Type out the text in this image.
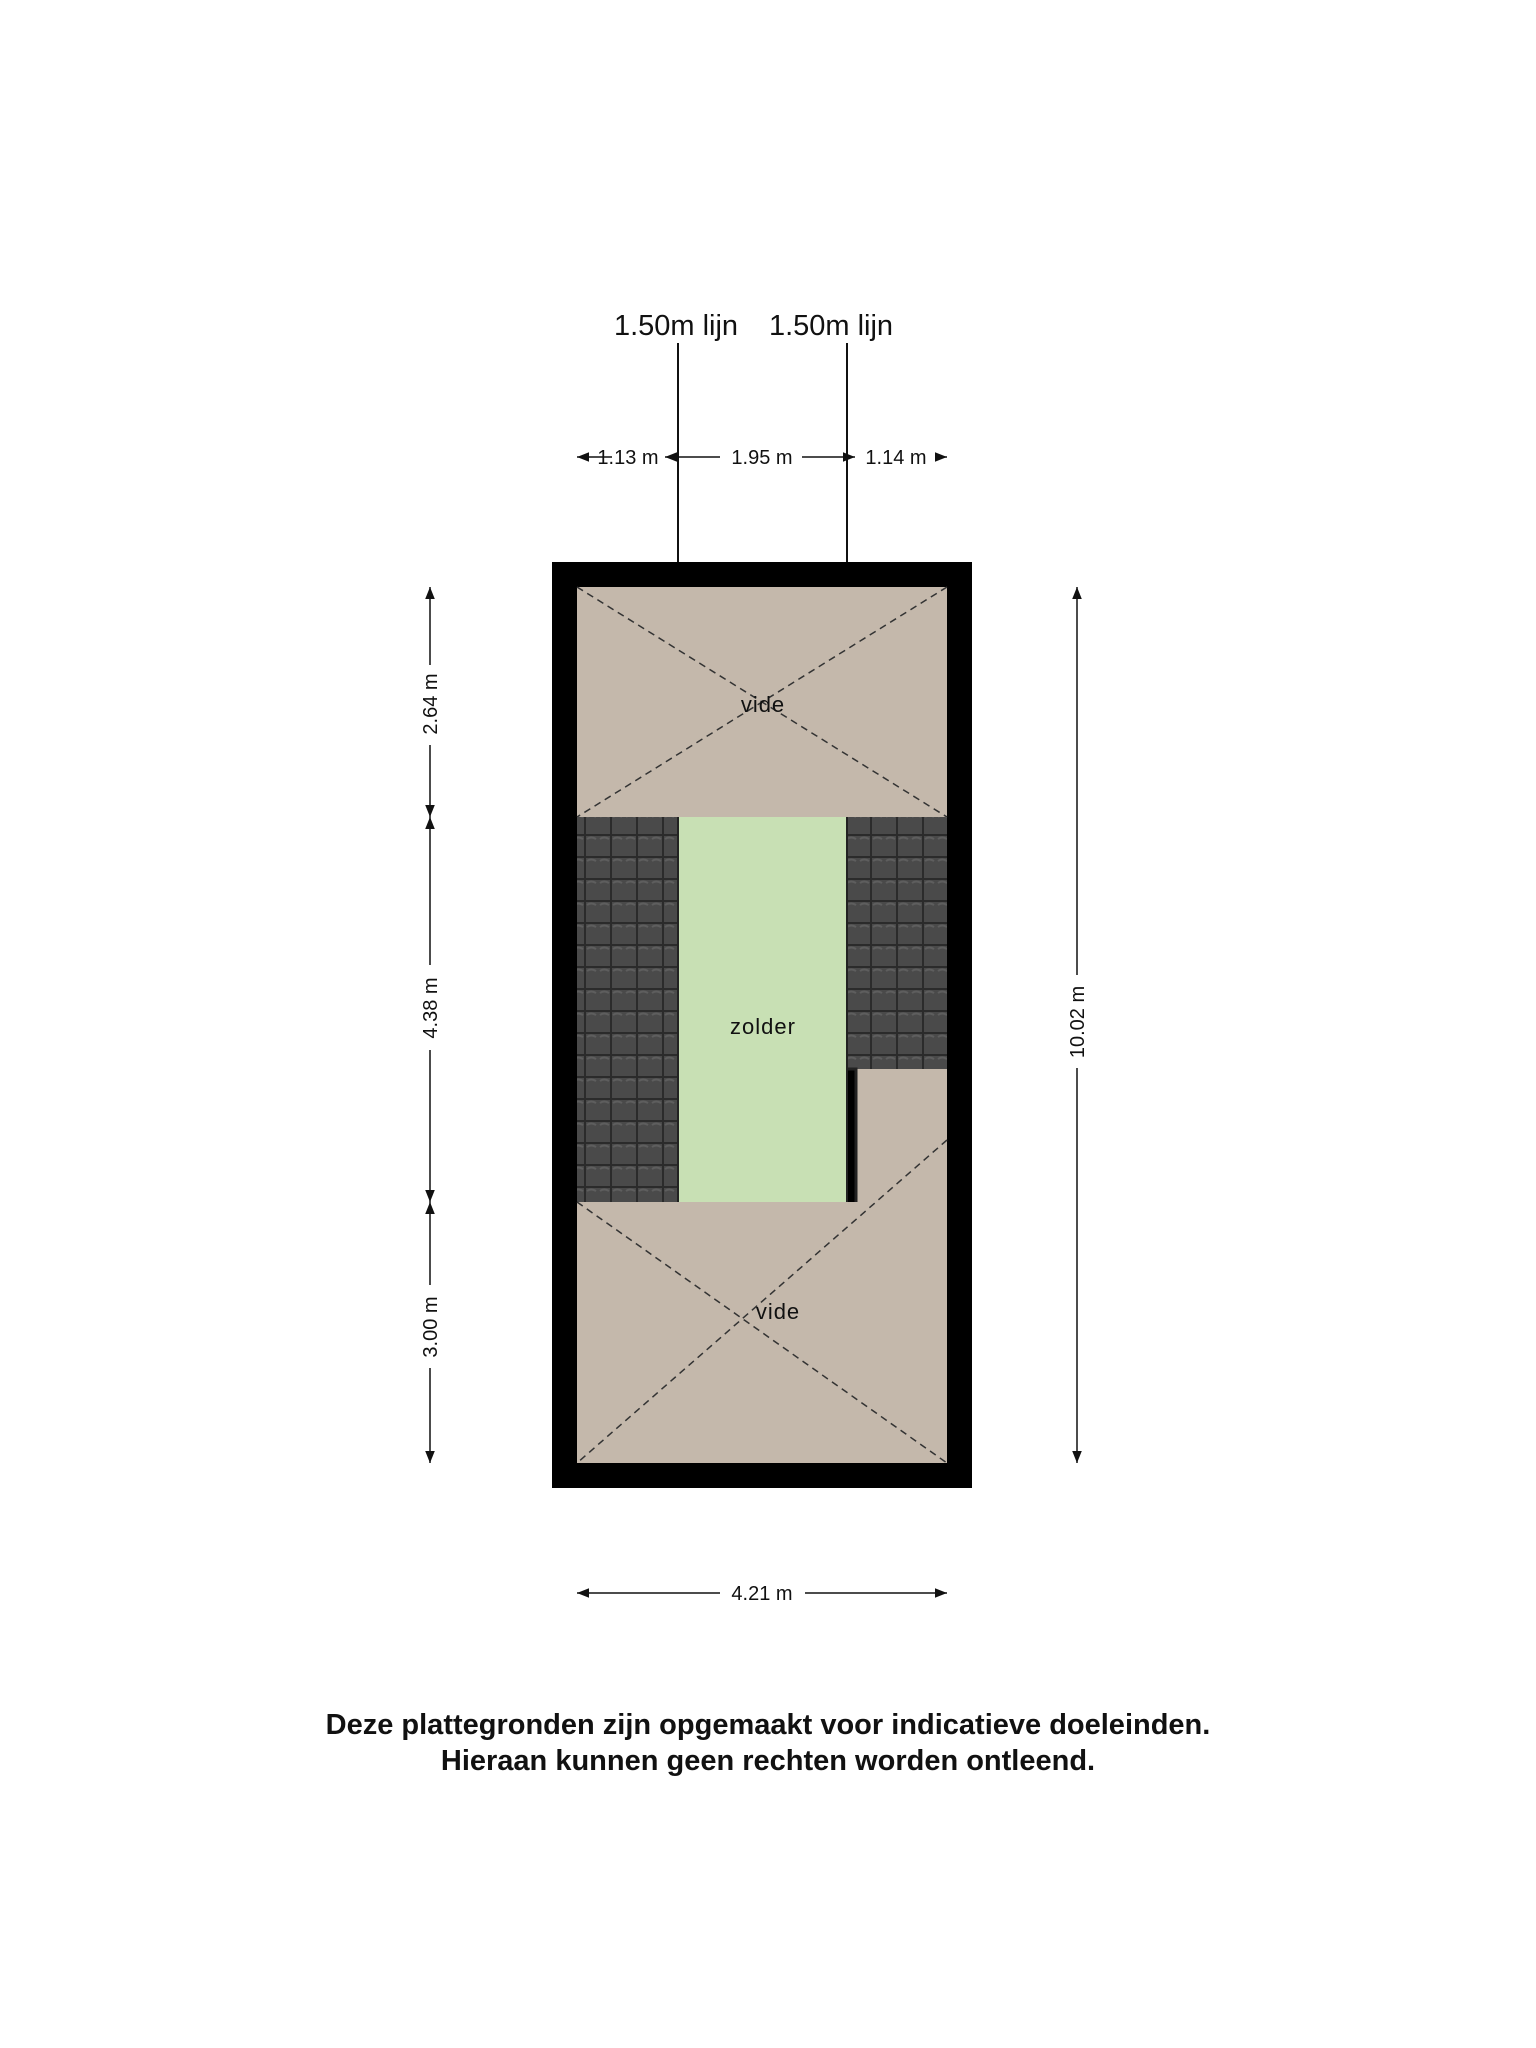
vide
zolder
vide
1.50m lijn 1.50m lijn
1.13 m	1.95 m	1.14 m
2.64 m
4.38 m
3.00 m
10.02 m
4.21 m
Deze plattegronden zijn opgemaakt voor indicatieve doeleinden.
Hieraan kunnen geen rechten worden ontleend.
